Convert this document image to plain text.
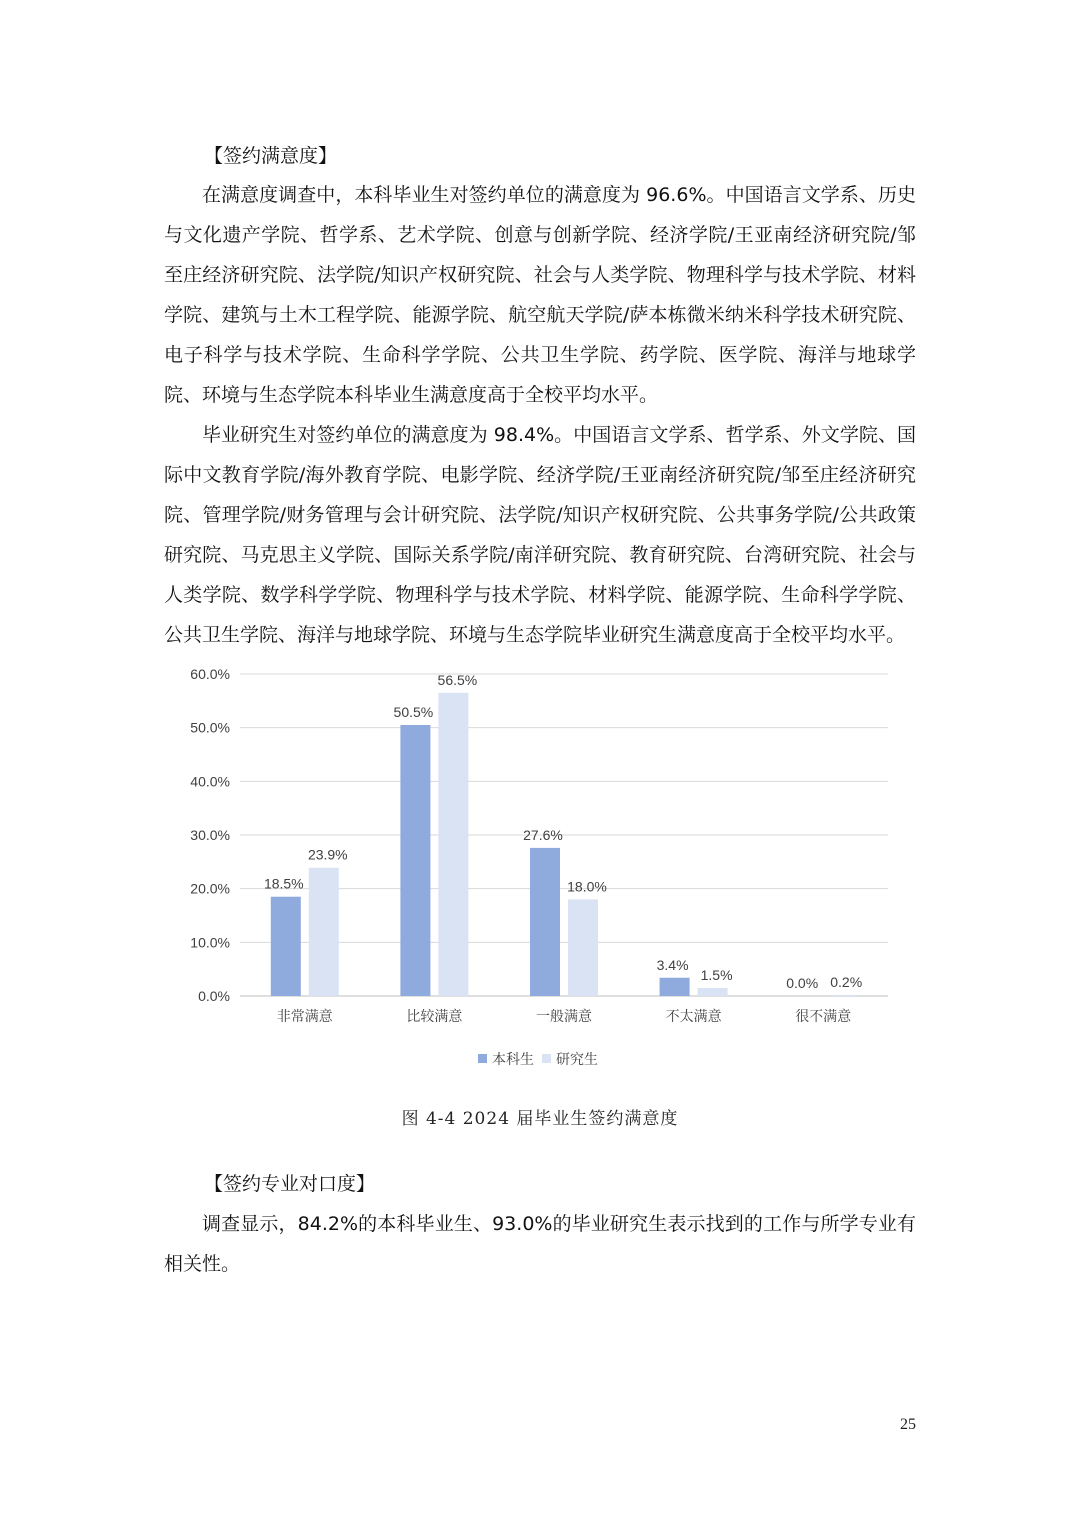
【签约满意度】

在满意度调查中，本科毕业生对签约单位的满意度为 96.6%。中国语言文学系、历史与文化遗产学院、哲学系、艺术学院、创意与创新学院、经济学院/王亚南经济研究院/邹至庄经济研究院、法学院/知识产权研究院、社会与人类学院、物理科学与技术学院、材料学院、建筑与土木工程学院、能源学院、航空航天学院/萨本栋微米纳米科学技术研究院、电子科学与技术学院、生命科学学院、公共卫生学院、药学院、医学院、海洋与地球学院、环境与生态学院本科毕业生满意度高于全校平均水平。

毕业研究生对签约单位的满意度为 98.4%。中国语言文学系、哲学系、外文学院、国际中文教育学院/海外教育学院、电影学院、经济学院/王亚南经济研究院/邹至庄经济研究院、管理学院/财务管理与会计研究院、法学院/知识产权研究院、公共事务学院/公共政策研究院、马克思主义学院、国际关系学院/南洋研究院、教育研究院、台湾研究院、社会与人类学院、数学科学学院、物理科学与技术学院、材料学院、能源学院、生命科学学院、公共卫生学院、海洋与地球学院、环境与生态学院毕业研究生满意度高于全校平均水平。

0.0%
10.0%
20.0%
30.0%
40.0%
50.0%
60.0%
18.5%
23.9%
非常满意
50.5%
56.5%
比较满意
27.6%
18.0%
一般满意
3.4%
1.5%
不太满意
0.0% 0.2%
很不满意
本科生 研究生
图 4-4 2024 届毕业生签约满意度
【签约专业对口度】

调查显示，84.2%的本科毕业生、93.0%的毕业研究生表示找到的工作与所学专业有相关性。

25
